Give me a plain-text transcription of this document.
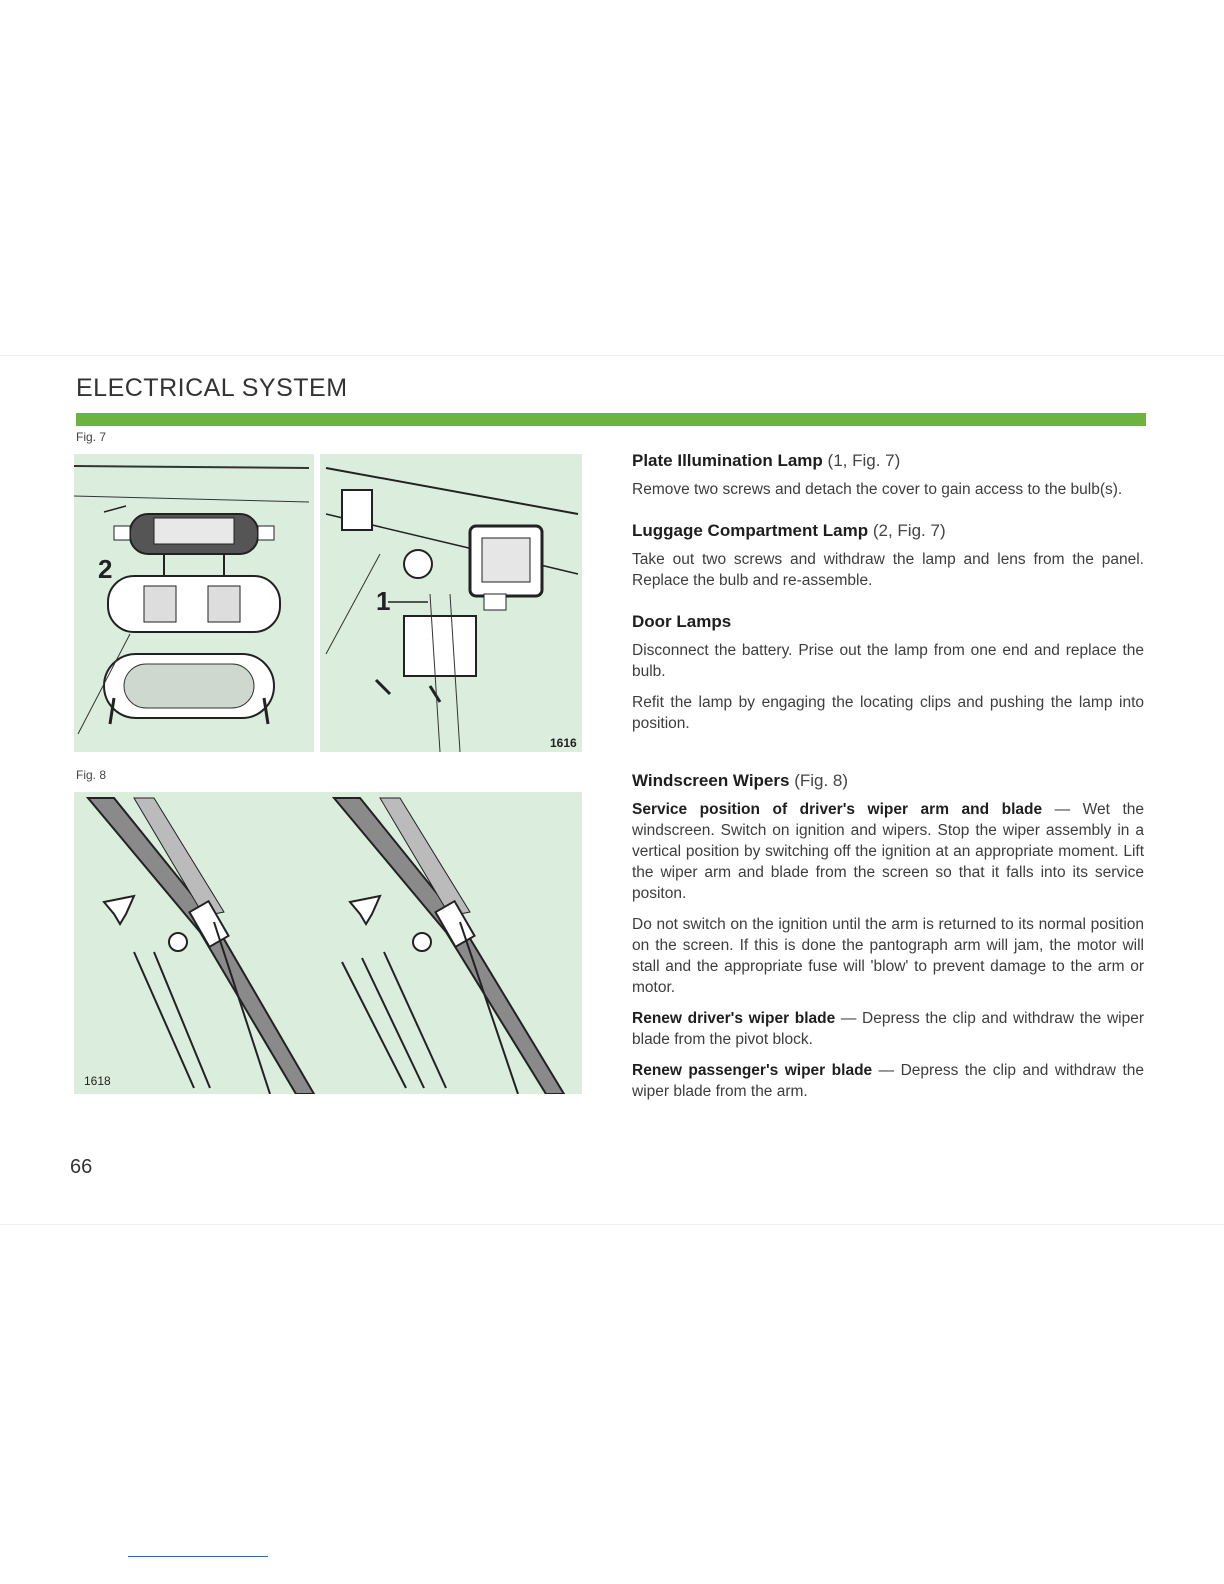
ELECTRICAL SYSTEM
Fig. 7
2
1
1616
Fig. 8
1618
Plate Illumination Lamp (1, Fig. 7)

Remove two screws and detach the cover to gain access to the bulb(s).

Luggage Compartment Lamp (2, Fig. 7)

Take out two screws and withdraw the lamp and lens from the panel. Replace the bulb and re-assemble.

Door Lamps

Disconnect the battery. Prise out the lamp from one end and replace the bulb.

Refit the lamp by engaging the locating clips and pushing the lamp into position.

Windscreen Wipers (Fig. 8)

Service position of driver's wiper arm and blade — Wet the windscreen. Switch on ignition and wipers. Stop the wiper assembly in a vertical position by switching off the ignition at an appropriate moment. Lift the wiper arm and blade from the screen so that it falls into its service positon.

Do not switch on the ignition until the arm is returned to its normal position on the screen. If this is done the pantograph arm will jam, the motor will stall and the appropriate fuse will 'blow' to prevent damage to the arm or motor.

Renew driver's wiper blade — Depress the clip and withdraw the wiper blade from the pivot block.

Renew passenger's wiper blade — Depress the clip and withdraw the wiper blade from the arm.

66
